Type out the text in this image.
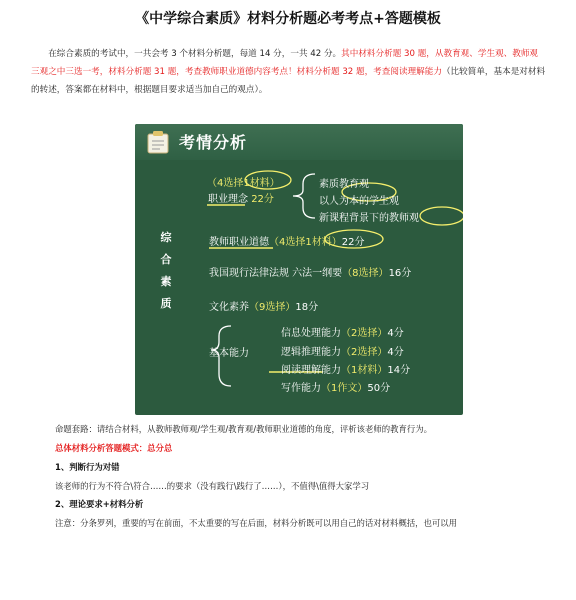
《中学综合素质》材料分析题必考考点+答题模板
在综合素质的考试中，一共会考 3 个材料分析题，每道 14 分，一共 42 分。其中材料分析题 30 题，从教育观、学生观、教师观三观之中三选一考，材料分析题 31 题，考查教师职业道德内容考点！材料分析题 32 题，考查阅读理解能力（比较简单，基本是对材料的转述，答案都在材料中，根据题目要求适当加自己的观点）。
考情分析
综
合
素
质
（4选择1材料）
职业理念 22分
素质教育观
以人为本的学生观
新课程背景下的教师观
教师职业道德（4选择1材料）22分
我国现行法律法规 六法一纲要（8选择）16分
文化素养（9选择）18分
基本能力
信息处理能力（2选择）4分
逻辑推理能力（2选择）4分
阅读理解能力（1材料）14分
写作能力（1作文）50分
命题套路：请结合材料，从教师教师观/学生观/教育观/教师职业道德的角度，评析该老师的教育行为。
总体材料分析答题模式：总分总
1、判断行为对错
该老师的行为不符合\符合……的要求（没有践行\践行了……），不值得\值得大家学习
2、理论要求+材料分析
注意：分条罗列，重要的写在前面，不太重要的写在后面，材料分析既可以用自己的话对材料概括，也可以用
